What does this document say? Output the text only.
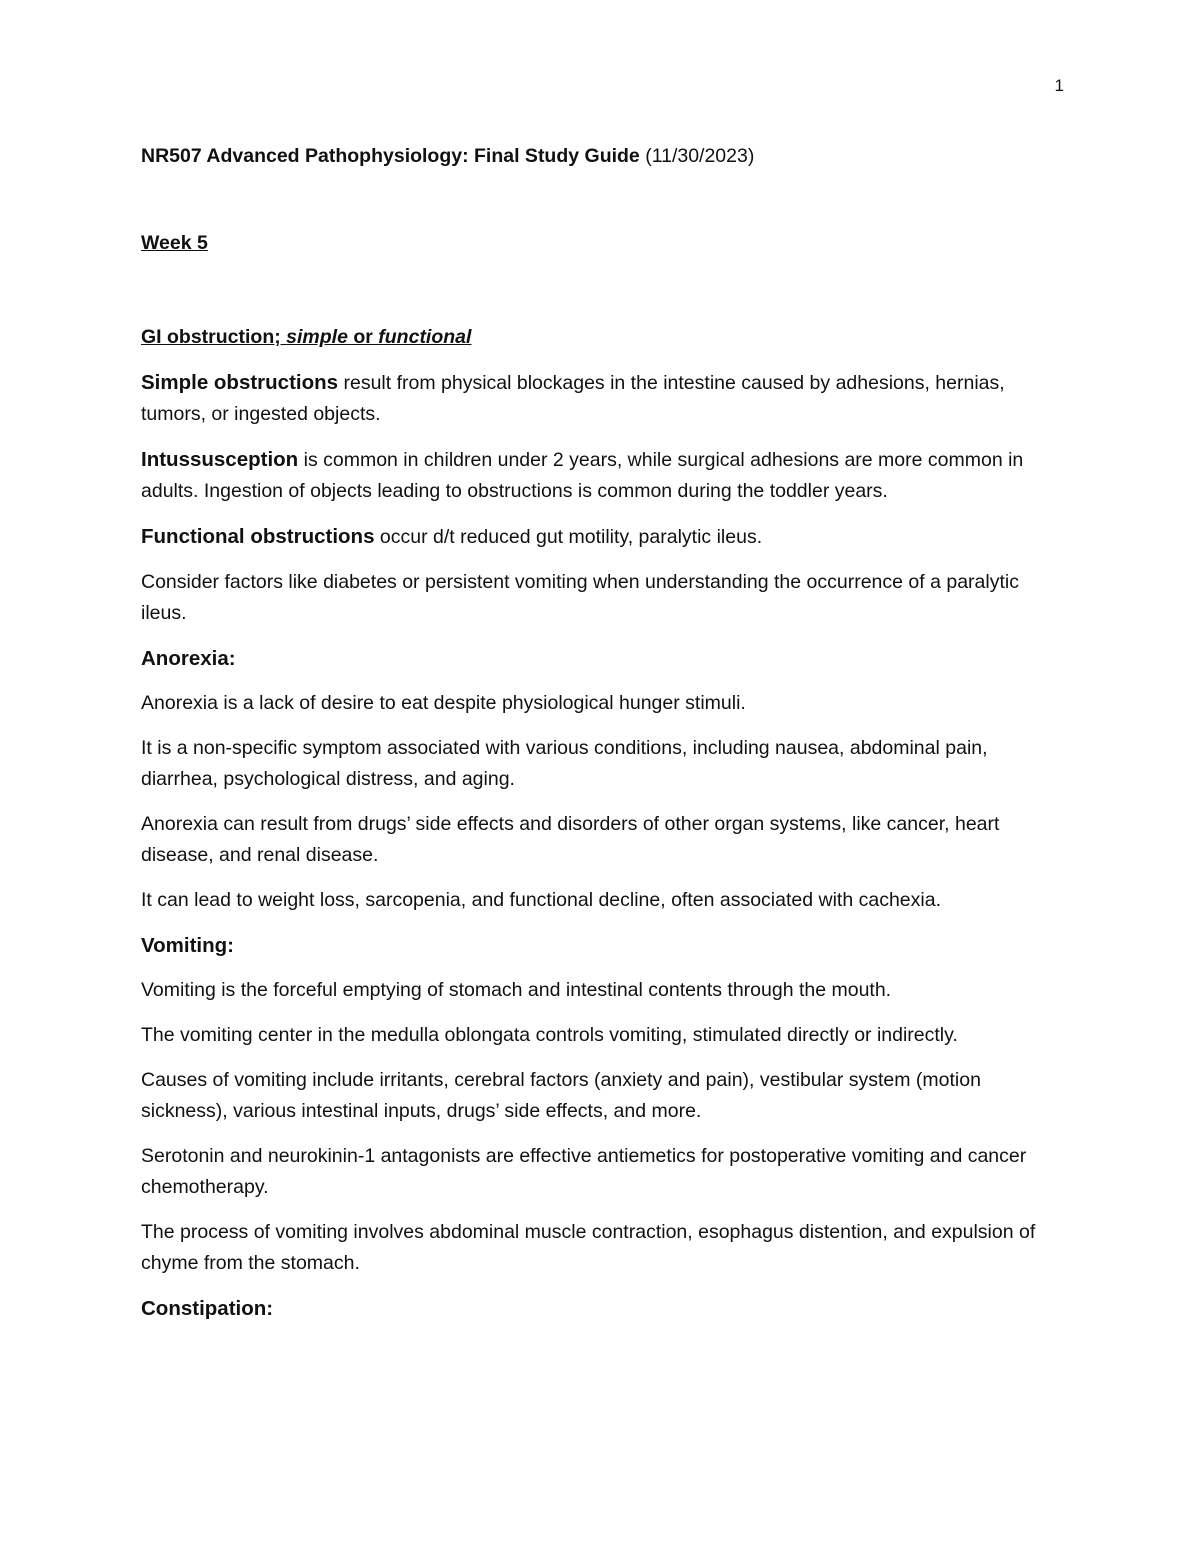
1

NR507 Advanced Pathophysiology: Final Study Guide (11/30/2023)

Week 5

GI obstruction; simple or functional

Simple obstructions result from physical blockages in the intestine caused by adhesions, hernias, tumors, or ingested objects.

Intussusception is common in children under 2 years, while surgical adhesions are more common in adults. Ingestion of objects leading to obstructions is common during the toddler years.

Functional obstructions occur d/t reduced gut motility, paralytic ileus.

Consider factors like diabetes or persistent vomiting when understanding the occurrence of a paralytic ileus.

Anorexia:

Anorexia is a lack of desire to eat despite physiological hunger stimuli.

It is a non-specific symptom associated with various conditions, including nausea, abdominal pain, diarrhea, psychological distress, and aging.

Anorexia can result from drugs’ side effects and disorders of other organ systems, like cancer, heart disease, and renal disease.

It can lead to weight loss, sarcopenia, and functional decline, often associated with cachexia.

Vomiting:

Vomiting is the forceful emptying of stomach and intestinal contents through the mouth.

The vomiting center in the medulla oblongata controls vomiting, stimulated directly or indirectly.

Causes of vomiting include irritants, cerebral factors (anxiety and pain), vestibular system (motion sickness), various intestinal inputs, drugs’ side effects, and more.

Serotonin and neurokinin-1 antagonists are effective antiemetics for postoperative vomiting and cancer chemotherapy.

The process of vomiting involves abdominal muscle contraction, esophagus distention, and expulsion of chyme from the stomach.

Constipation:
